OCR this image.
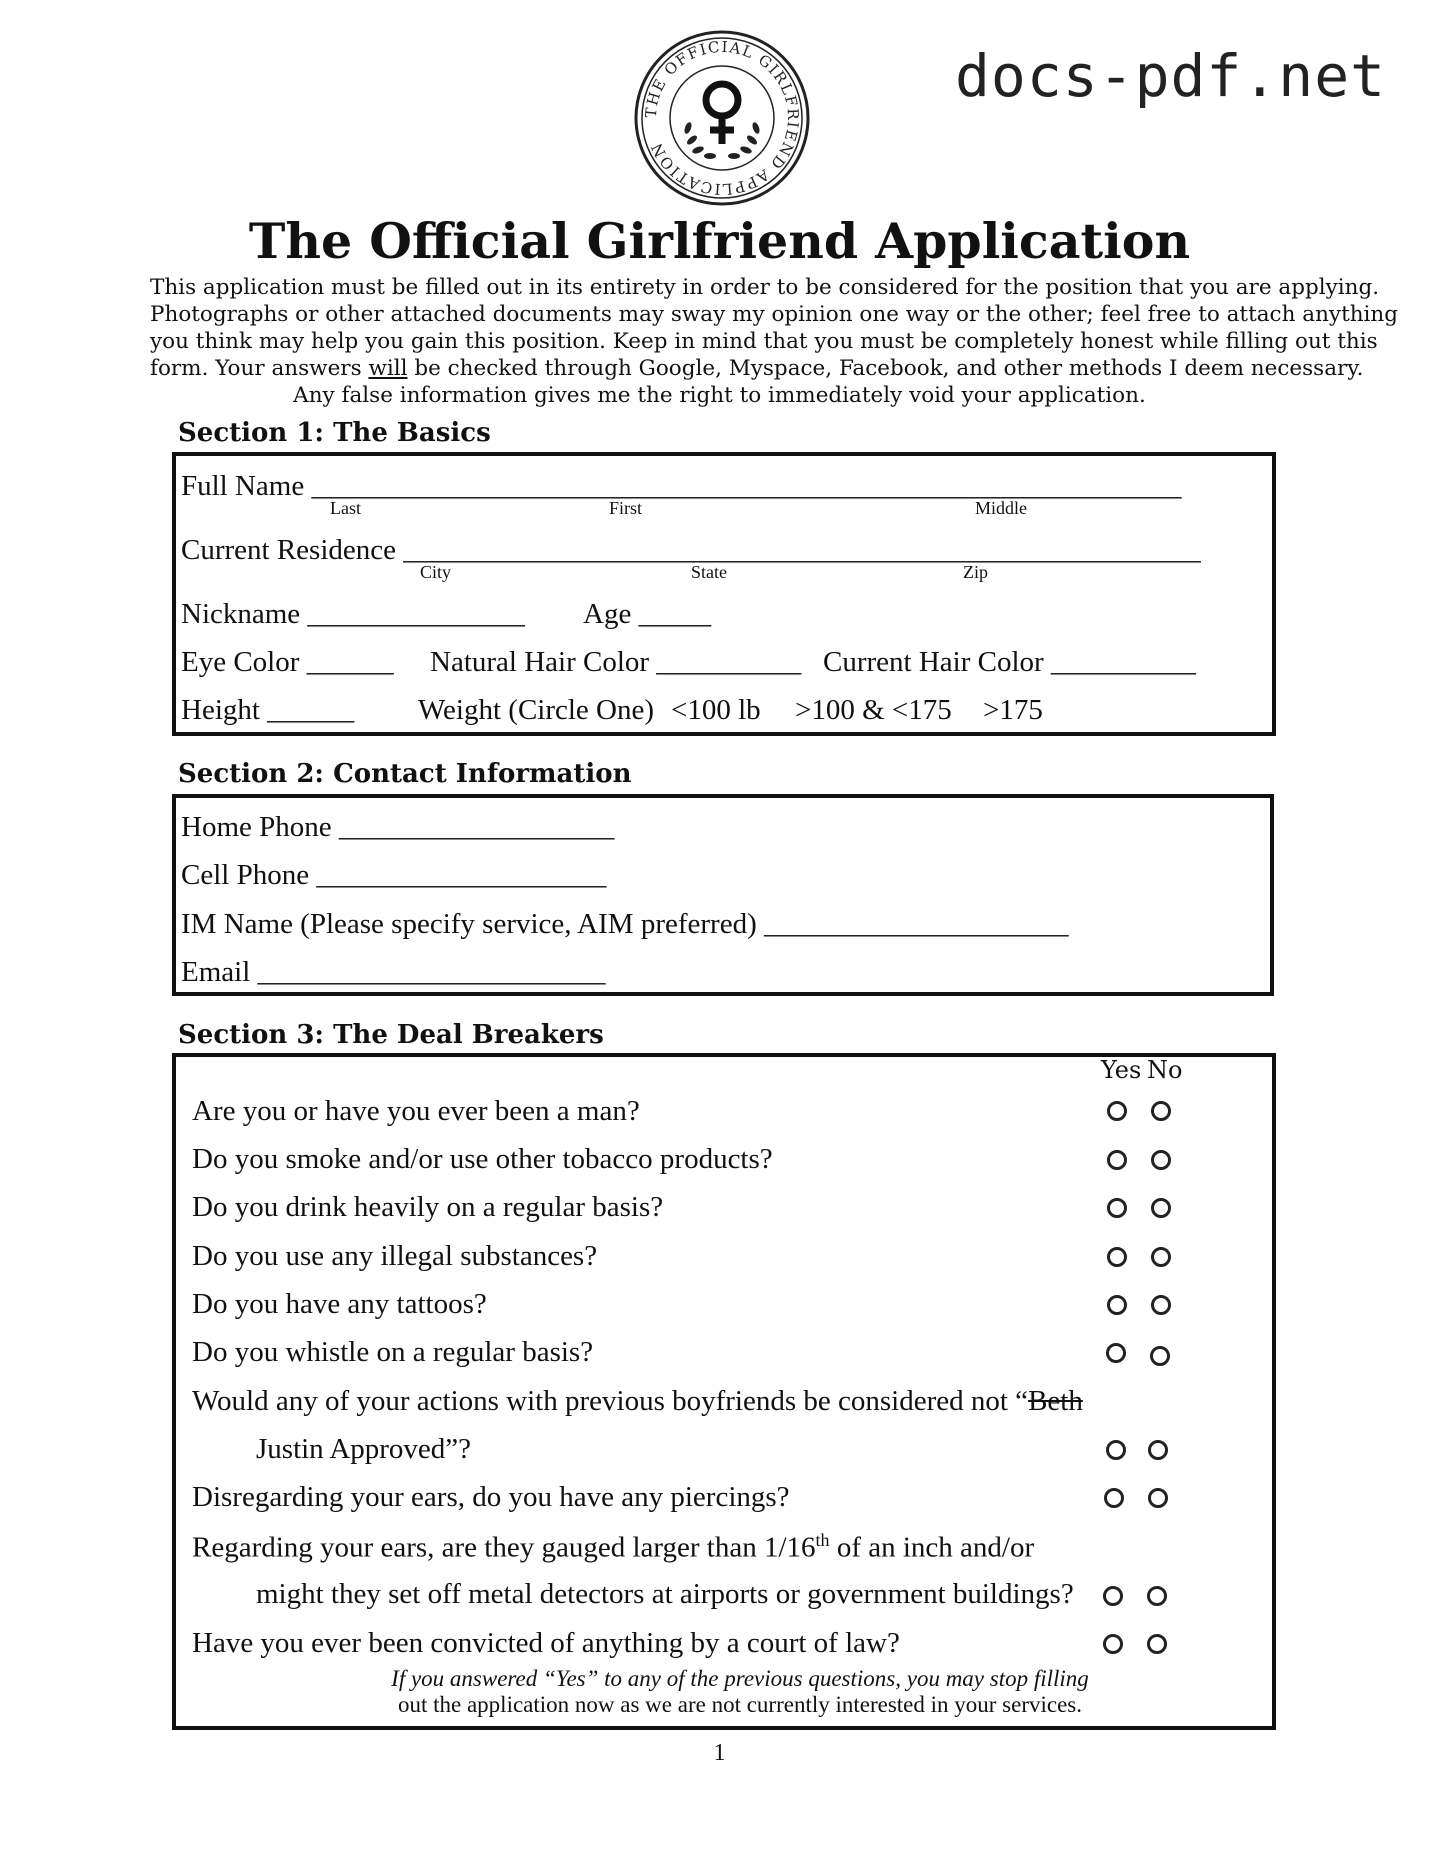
docs-pdf.net
THE OFFICIAL GIRLFRIEND APPLICATION
The Official Girlfriend Application
This application must be filled out in its entirety in order to be considered for the position that you are applying.
Photographs or other attached documents may sway my opinion one way or the other; feel free to attach anything
you think may help you gain this position. Keep in mind that you must be completely honest while filling out this
form. Your answers will be checked through Google, Myspace, Facebook, and other methods I deem necessary.
Any false information gives me the right to immediately void your application.
Section 1: The Basics
Full Name ____________________________________________________________
Last	First	Middle
Current Residence _______________________________________________________
City	State	Zip
Nickname _______________ Age _____
Eye Color ______ Natural Hair Color __________ Current Hair Color __________
Height ______ Weight (Circle One) <100 lb >100 & <175 >175
Section 2: Contact Information
Home Phone ___________________
Cell Phone ____________________
IM Name (Please specify service, AIM preferred) _____________________
Email ________________________
Section 3: The Deal Breakers
Yes No
Are you or have you ever been a man?
Do you smoke and/or use other tobacco products?
Do you drink heavily on a regular basis?
Do you use any illegal substances?
Do you have any tattoos?
Do you whistle on a regular basis?
Would any of your actions with previous boyfriends be considered not “Beth
Justin Approved”?
Disregarding your ears, do you have any piercings?
Regarding your ears, are they gauged larger than 1/16th of an inch and/or
might they set off metal detectors at airports or government buildings?
Have you ever been convicted of anything by a court of law?
If you answered “Yes” to any of the previous questions, you may stop filling
out the application now as we are not currently interested in your services.
1
